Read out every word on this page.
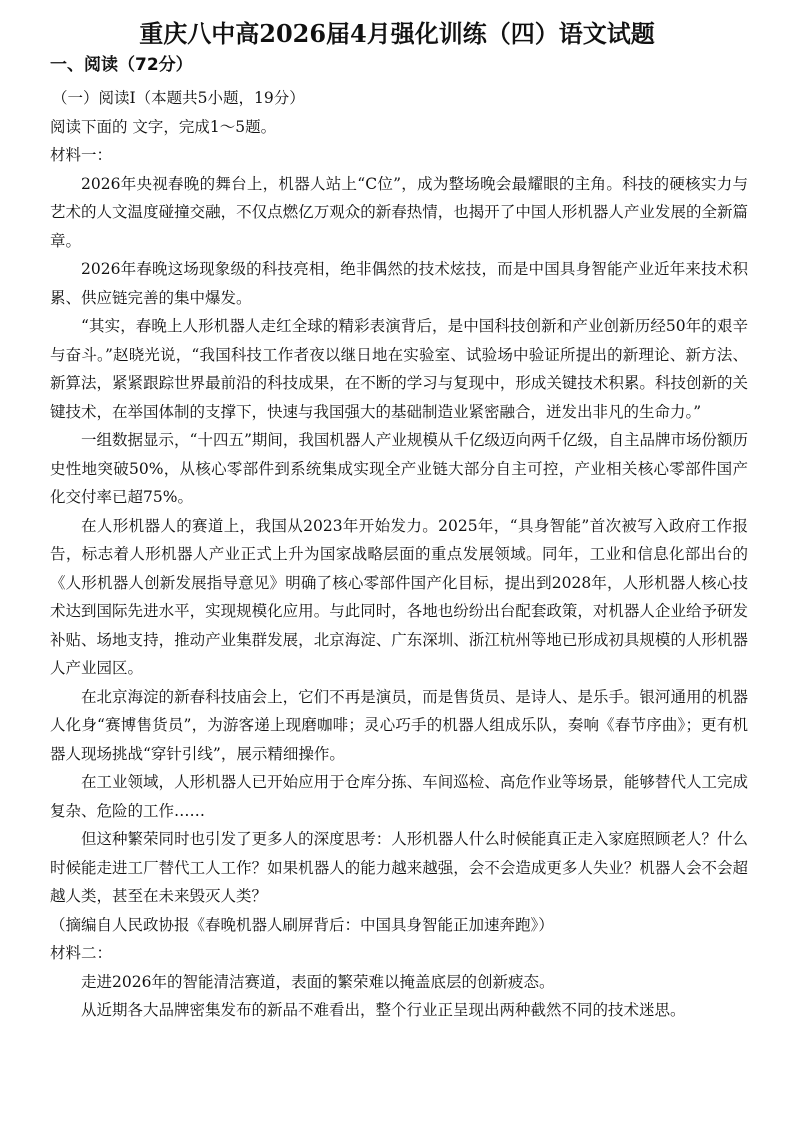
重庆八中高2026届4月强化训练（四）语文试题
一、阅读（72分）

（一）阅读I（本题共5小题，19分）

阅读下面的 文字，完成1～5题。

材料一：

2026年央视春晚的舞台上，机器人站上“C位”，成为整场晚会最耀眼的主角。科技的硬核实力与艺术的人文温度碰撞交融，不仅点燃亿万观众的新春热情，也揭开了中国人形机器人产业发展的全新篇章。

2026年春晚这场现象级的科技亮相，绝非偶然的技术炫技，而是中国具身智能产业近年来技术积累、供应链完善的集中爆发。

“其实，春晚上人形机器人走红全球的精彩表演背后，是中国科技创新和产业创新历经50年的艰辛与奋斗。”赵晓光说，“我国科技工作者夜以继日地在实验室、试验场中验证所提出的新理论、新方法、新算法，紧紧跟踪世界最前沿的科技成果，在不断的学习与复现中，形成关键技术积累。科技创新的关键技术，在举国体制的支撑下，快速与我国强大的基础制造业紧密融合，迸发出非凡的生命力。”

一组数据显示，“十四五”期间，我国机器人产业规模从千亿级迈向两千亿级，自主品牌市场份额历史性地突破50%，从核心零部件到系统集成实现全产业链大部分自主可控，产业相关核心零部件国产化交付率已超75%。

在人形机器人的赛道上，我国从2023年开始发力。2025年，“具身智能”首次被写入政府工作报告，标志着人形机器人产业正式上升为国家战略层面的重点发展领域。同年，工业和信息化部出台的《人形机器人创新发展指导意见》明确了核心零部件国产化目标，提出到2028年，人形机器人核心技术达到国际先进水平，实现规模化应用。与此同时，各地也纷纷出台配套政策，对机器人企业给予研发补贴、场地支持，推动产业集群发展，北京海淀、广东深圳、浙江杭州等地已形成初具规模的人形机器人产业园区。

在北京海淀的新春科技庙会上，它们不再是演员，而是售货员、是诗人、是乐手。银河通用的机器人化身“赛博售货员”，为游客递上现磨咖啡；灵心巧手的机器人组成乐队，奏响《春节序曲》；更有机器人现场挑战“穿针引线”，展示精细操作。

在工业领域，人形机器人已开始应用于仓库分拣、车间巡检、高危作业等场景，能够替代人工完成复杂、危险的工作……

但这种繁荣同时也引发了更多人的深度思考：人形机器人什么时候能真正走入家庭照顾老人？什么时候能走进工厂替代工人工作？如果机器人的能力越来越强，会不会造成更多人失业？机器人会不会超越人类，甚至在未来毁灭人类？

（摘编自人民政协报《春晚机器人刷屏背后：中国具身智能正加速奔跑》）

材料二：

走进2026年的智能清洁赛道，表面的繁荣难以掩盖底层的创新疲态。

从近期各大品牌密集发布的新品不难看出，整个行业正呈现出两种截然不同的技术迷思。
